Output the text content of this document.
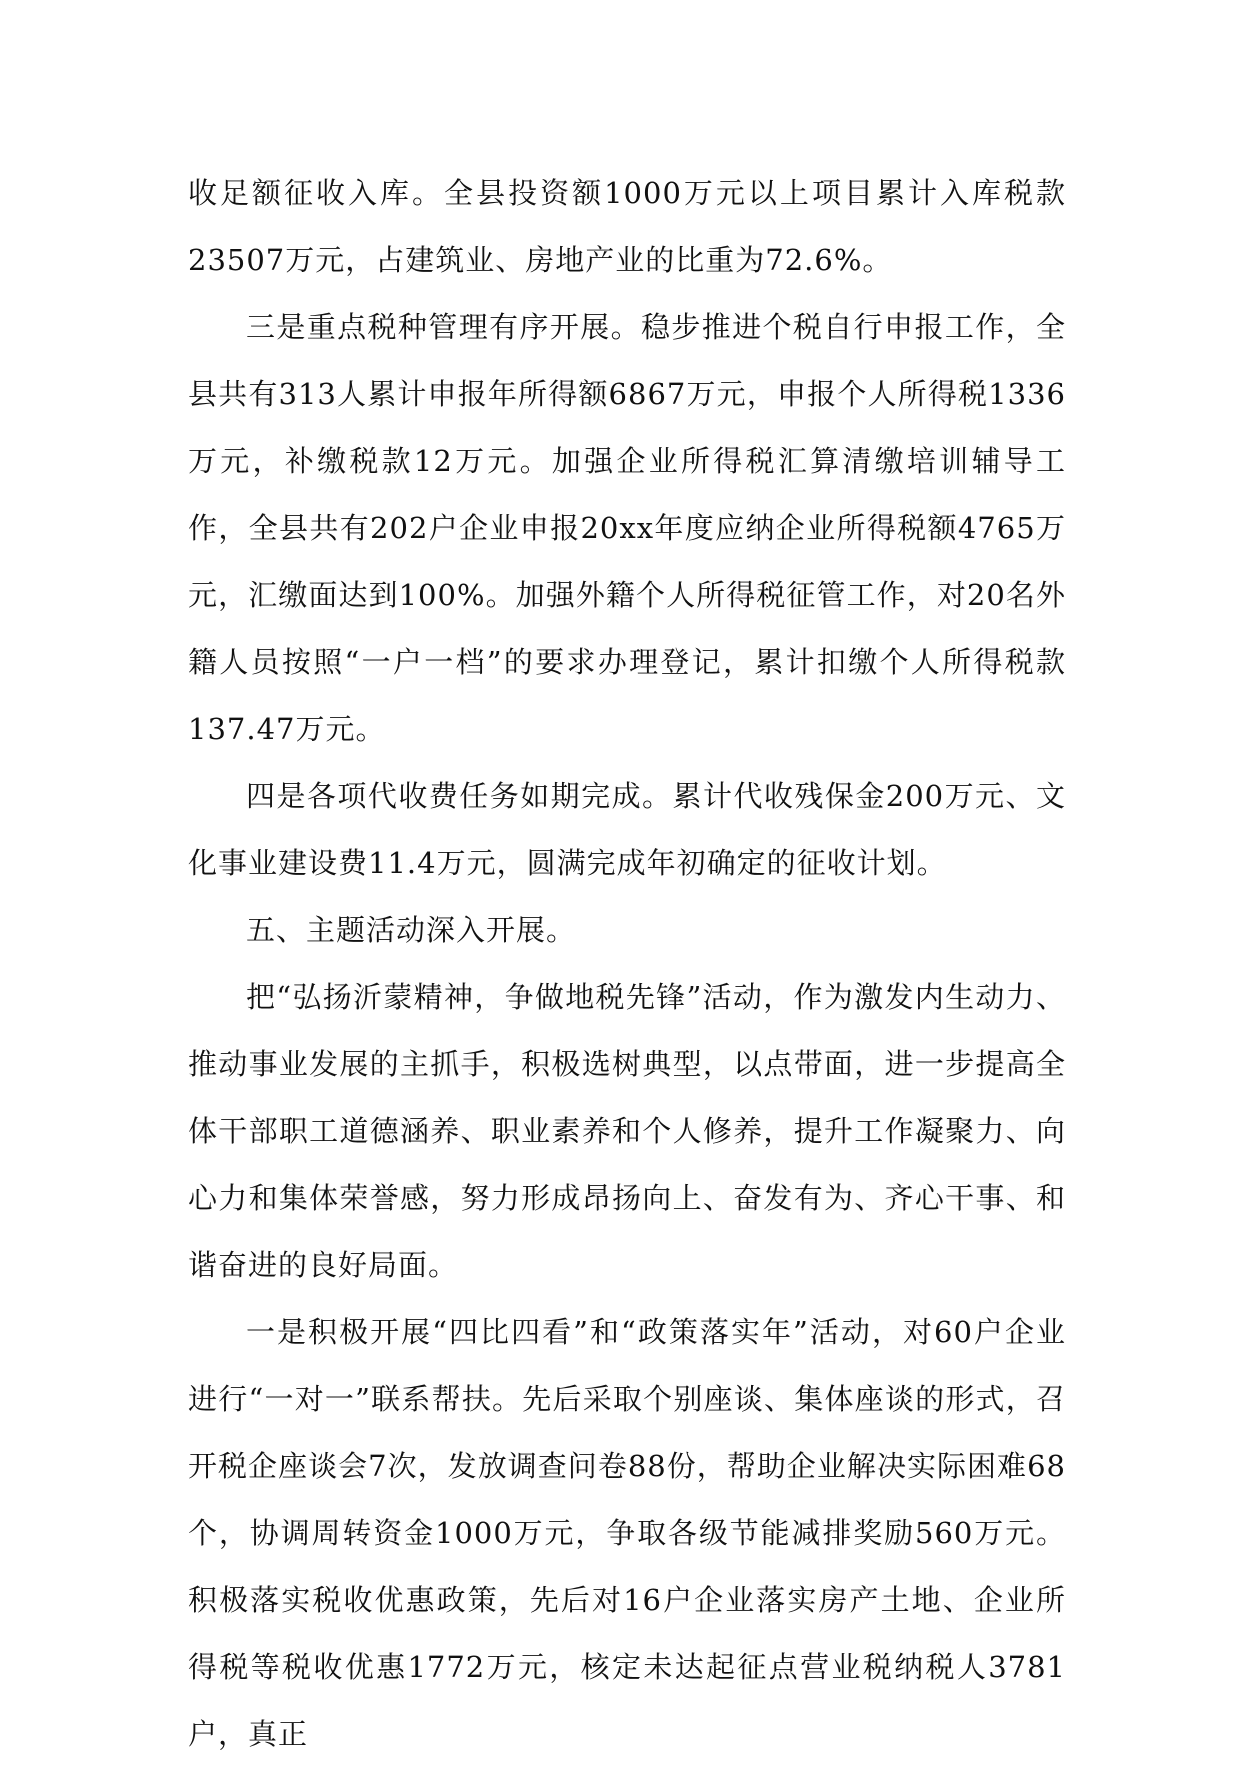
收足额征收入库。全县投资额1000万元以上项目累计入库税款23507万元，占建筑业、房地产业的比重为72.6%。

三是重点税种管理有序开展。稳步推进个税自行申报工作，全县共有313人累计申报年所得额6867万元，申报个人所得税1336万元，补缴税款12万元。加强企业所得税汇算清缴培训辅导工作，全县共有202户企业申报20xx年度应纳企业所得税额4765万元，汇缴面达到100%。加强外籍个人所得税征管工作，对20名外籍人员按照“一户一档”的要求办理登记，累计扣缴个人所得税款137.47万元。

四是各项代收费任务如期完成。累计代收残保金200万元、文化事业建设费11.4万元，圆满完成年初确定的征收计划。

五、主题活动深入开展。

把“弘扬沂蒙精神，争做地税先锋”活动，作为激发内生动力、推动事业发展的主抓手，积极选树典型，以点带面，进一步提高全体干部职工道德涵养、职业素养和个人修养，提升工作凝聚力、向心力和集体荣誉感，努力形成昂扬向上、奋发有为、齐心干事、和谐奋进的良好局面。

一是积极开展“四比四看”和“政策落实年”活动，对60户企业进行“一对一”联系帮扶。先后采取个别座谈、集体座谈的形式，召开税企座谈会7次，发放调查问卷88份，帮助企业解决实际困难68个，协调周转资金1000万元，争取各级节能减排奖励560万元。积极落实税收优惠政策，先后对16户企业落实房产土地、企业所得税等税收优惠1772万元，核定未达起征点营业税纳税人3781户，真正
